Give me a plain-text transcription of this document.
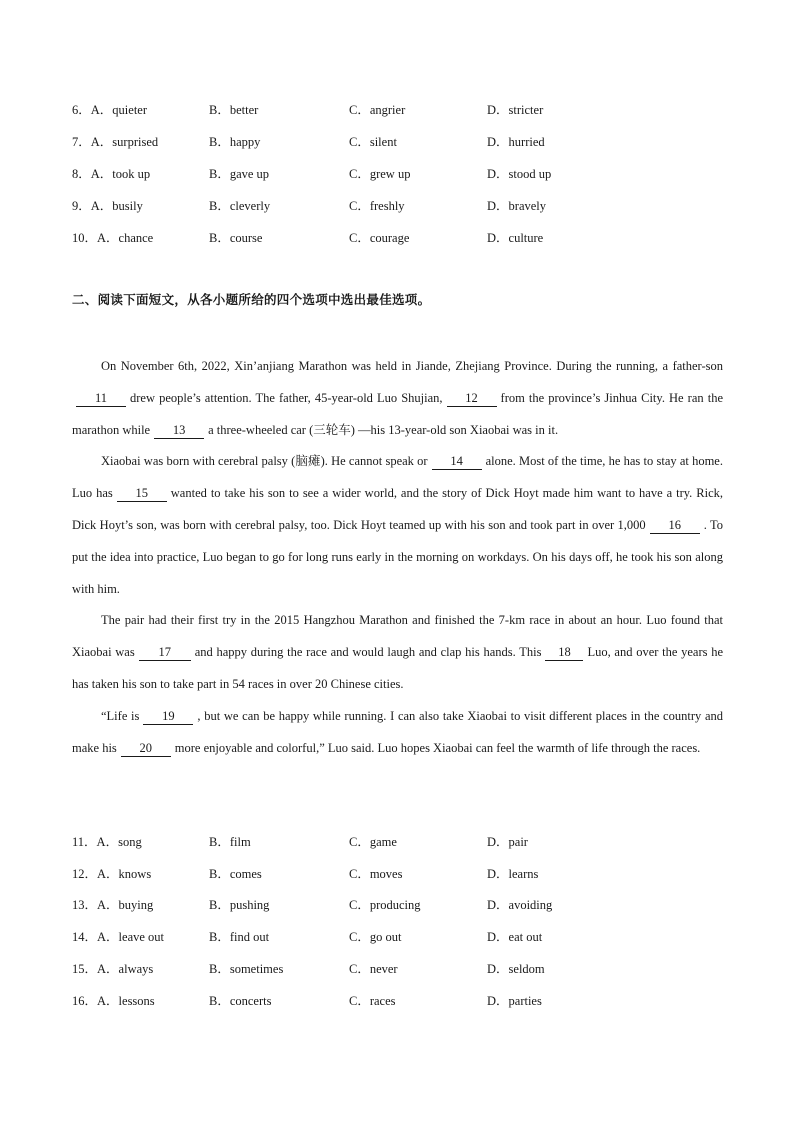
6．A．quieter	B．better	C．angrier	D．stricter
7．A．surprised	B．happy	C．silent	D．hurried
8．A．took up	B．gave up	C．grew up	D．stood up
9．A．busily	B．cleverly	C．freshly	D．bravely
10．A．chance	B．course	C．courage	D．culture
二、阅读下面短文，从各小题所给的四个选项中选出最佳选项。

On November 6th, 2022, Xin’anjiang Marathon was held in Jiande, Zhejiang Province. During the running, a father-son11 drew people’s attention. The father, 45-year-old Luo Shujian, 12 from the province’s Jinhua City. He ran the marathon while 13 a three-wheeled car (三轮车) —his 13-year-old son Xiaobai was in it.

Xiaobai was born with cerebral palsy (脑瘫). He cannot speak or 14 alone. Most of the time, he has to stay at home. Luo has 15 wanted to take his son to see a wider world, and the story of Dick Hoyt made him want to have a try. Rick, Dick Hoyt’s son, was born with cerebral palsy, too. Dick Hoyt teamed up with his son and took part in over 1,000 16 . To put the idea into practice, Luo began to go for long runs early in the morning on workdays. On his days off, he took his son along with him.

The pair had their first try in the 2015 Hangzhou Marathon and finished the 7-km race in about an hour. Luo found that Xiaobai was 17 and happy during the race and would laugh and clap his hands. This 18 Luo, and over the years he has taken his son to take part in 54 races in over 20 Chinese cities.

“Life is 19 , but we can be happy while running. I can also take Xiaobai to visit different places in the country and make his 20 more enjoyable and colorful,” Luo said. Luo hopes Xiaobai can feel the warmth of life through the races.

11．A．song	B．film	C．game	D．pair
12．A．knows	B．comes	C．moves	D．learns
13．A．buying	B．pushing	C．producing	D．avoiding
14．A．leave out	B．find out	C．go out	D．eat out
15．A．always	B．sometimes	C．never	D．seldom
16．A．lessons	B．concerts	C．races	D．parties
